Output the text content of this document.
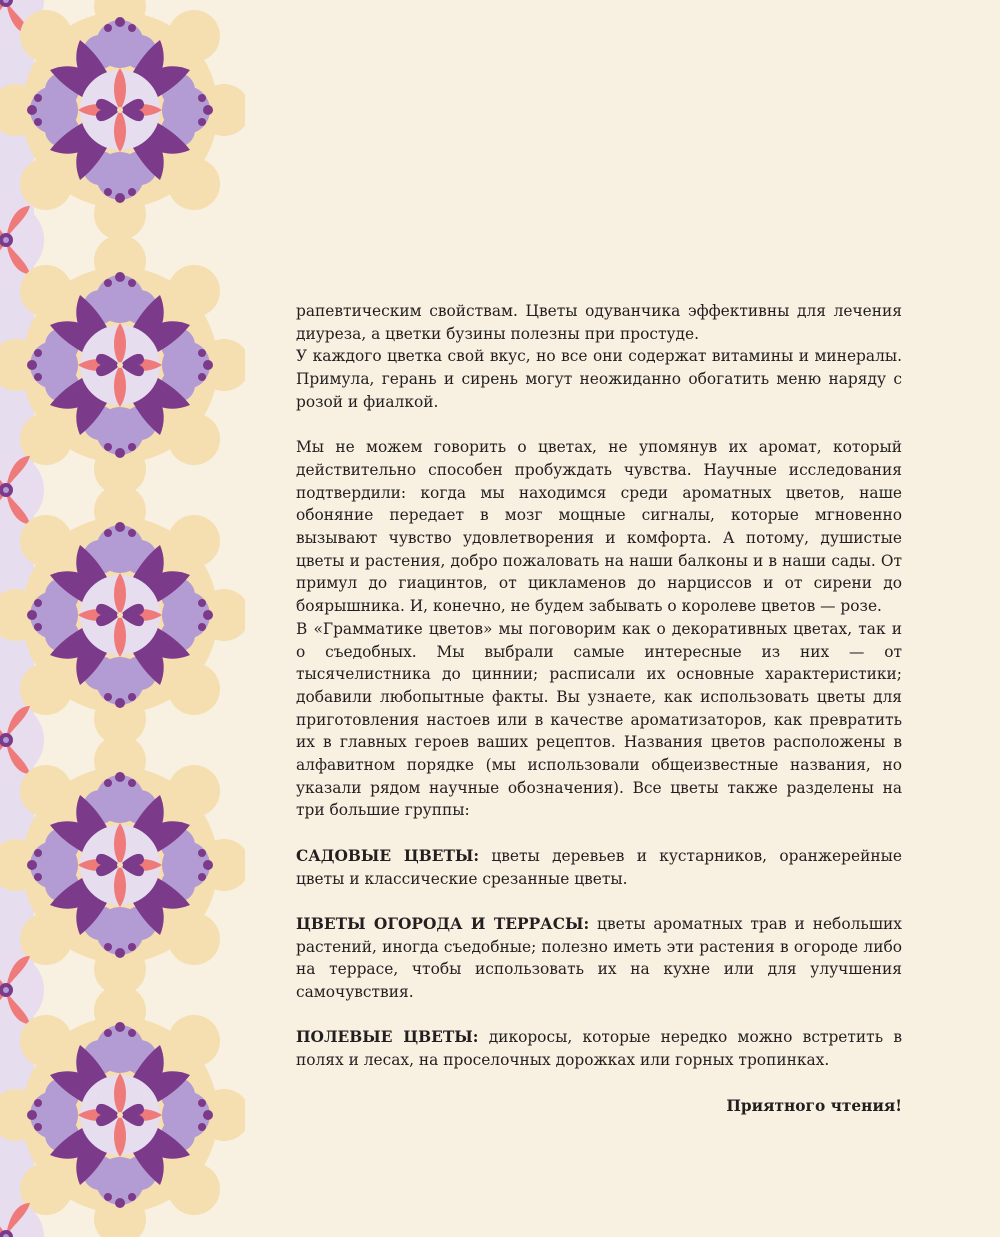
рапевтическим свойствам. Цветы одуванчика эффективны для лечения диуреза, а цветки бузины полезны при простуде.

У каждого цветка свой вкус, но все они содержат витамины и минералы. Примула, герань и сирень могут неожиданно обогатить меню наряду с розой и фиалкой.

Мы не можем говорить о цветах, не упомянув их аромат, который действительно способен пробуждать чувства. Научные исследования подтвердили: когда мы находимся среди ароматных цветов, наше обоняние передает в мозг мощные сигналы, которые мгновенно вызывают чувство удовлетворения и комфорта. А потому, душистые цветы и растения, добро пожаловать на наши балконы и в наши сады. От примул до гиацинтов, от цикламенов до нарциссов и от сирени до боярышника. И, конечно, не будем забывать о королеве цветов — розе.

В «Грамматике цветов» мы поговорим как о декоративных цветах, так и о съедобных. Мы выбрали самые интересные из них — от тысячелистника до циннии; расписали их основные характеристики; добавили любопытные факты. Вы узнаете, как использовать цветы для приготовления настоев или в качестве ароматизаторов, как превратить их в главных героев ваших рецептов. Названия цветов расположены в алфавитном порядке (мы использовали общеизвестные названия, но указали рядом научные обозначения). Все цветы также разделены на три большие группы:

САДОВЫЕ ЦВЕТЫ: цветы деревьев и кустарников, оранжерейные цветы и классические срезанные цветы.

ЦВЕТЫ ОГОРОДА И ТЕРРАСЫ: цветы ароматных трав и небольших растений, иногда съедобные; полезно иметь эти растения в огороде либо на террасе, чтобы использовать их на кухне или для улучшения самочувствия.

ПОЛЕВЫЕ ЦВЕТЫ: дикоросы, которые нередко можно встретить в полях и лесах, на проселочных дорожках или горных тропинках.

Приятного чтения!
